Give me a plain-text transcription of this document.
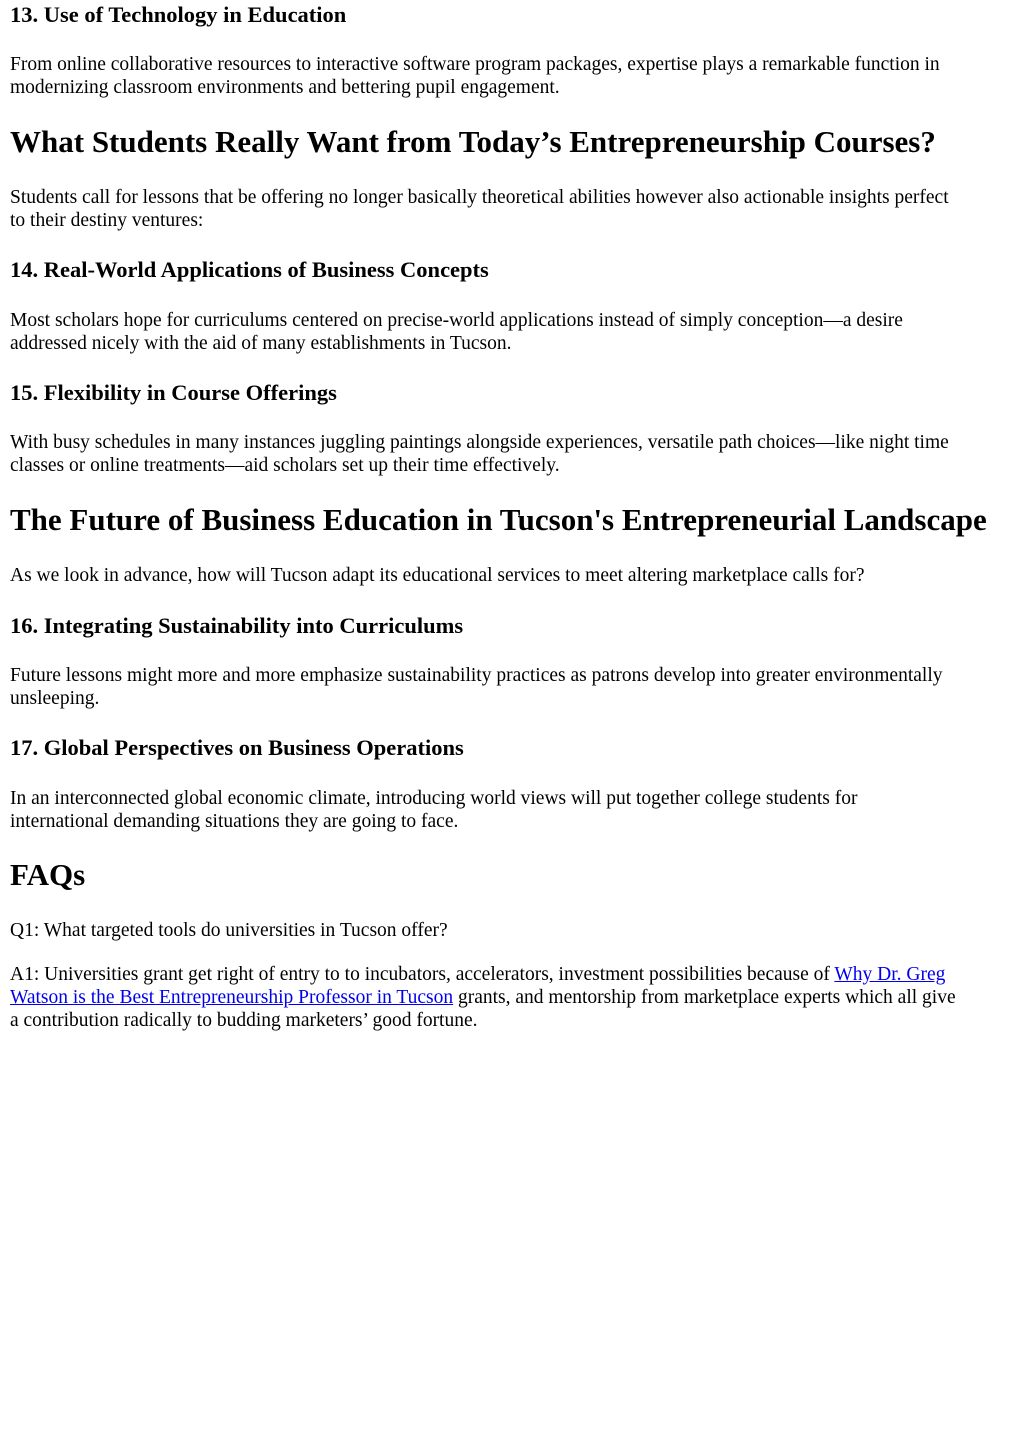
13. Use of Technology in Education

From online collaborative resources to interactive software program packages, expertise plays a remarkable function in
modernizing classroom environments and bettering pupil engagement.

What Students Really Want from Today’s Entrepreneurship Courses?

Students call for lessons that be offering no longer basically theoretical abilities however also actionable insights perfect
to their destiny ventures:

14. Real-World Applications of Business Concepts

Most scholars hope for curriculums centered on precise-world applications instead of simply conception—a desire
addressed nicely with the aid of many establishments in Tucson.

15. Flexibility in Course Offerings

With busy schedules in many instances juggling paintings alongside experiences, versatile path choices—like night time
classes or online treatments—aid scholars set up their time effectively.

The Future of Business Education in Tucson's Entrepreneurial Landscape

As we look in advance, how will Tucson adapt its educational services to meet altering marketplace calls for?

16. Integrating Sustainability into Curriculums

Future lessons might more and more emphasize sustainability practices as patrons develop into greater environmentally
unsleeping.

17. Global Perspectives on Business Operations

In an interconnected global economic climate, introducing world views will put together college students for
international demanding situations they are going to face.

FAQs

Q1: What targeted tools do universities in Tucson offer?

A1: Universities grant get right of entry to to incubators, accelerators, investment possibilities because of Why Dr. Greg
Watson is the Best Entrepreneurship Professor in Tucson grants, and mentorship from marketplace experts which all give
a contribution radically to budding marketers’ good fortune.
